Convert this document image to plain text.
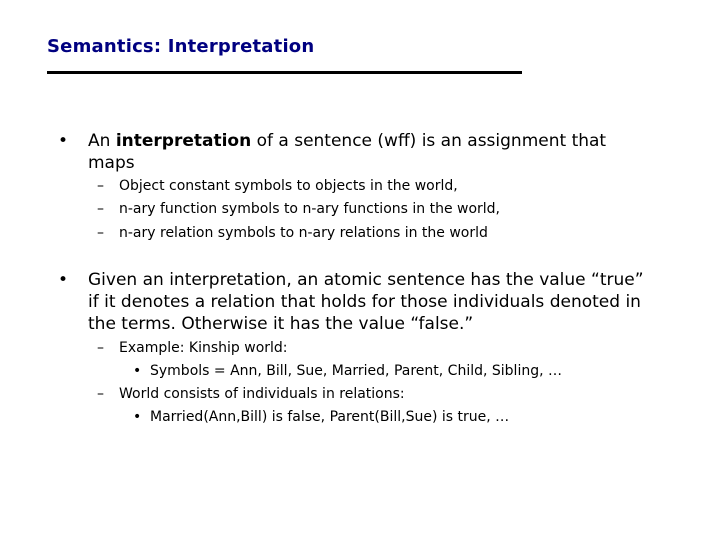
Semantics: Interpretation
• An interpretation of a sentence (wff) is an assignment that maps
– Object constant symbols to objects in the world,
– n-ary function symbols to n-ary functions in the world,
– n-ary relation symbols to n-ary relations in the world
• Given an interpretation, an atomic sentence has the value “true” if it denotes a relation that holds for those individuals denoted in the terms. Otherwise it has the value “false.”
– Example: Kinship world:
• Symbols = Ann, Bill, Sue, Married, Parent, Child, Sibling, …
– World consists of individuals in relations:
• Married(Ann,Bill) is false, Parent(Bill,Sue) is true, …
